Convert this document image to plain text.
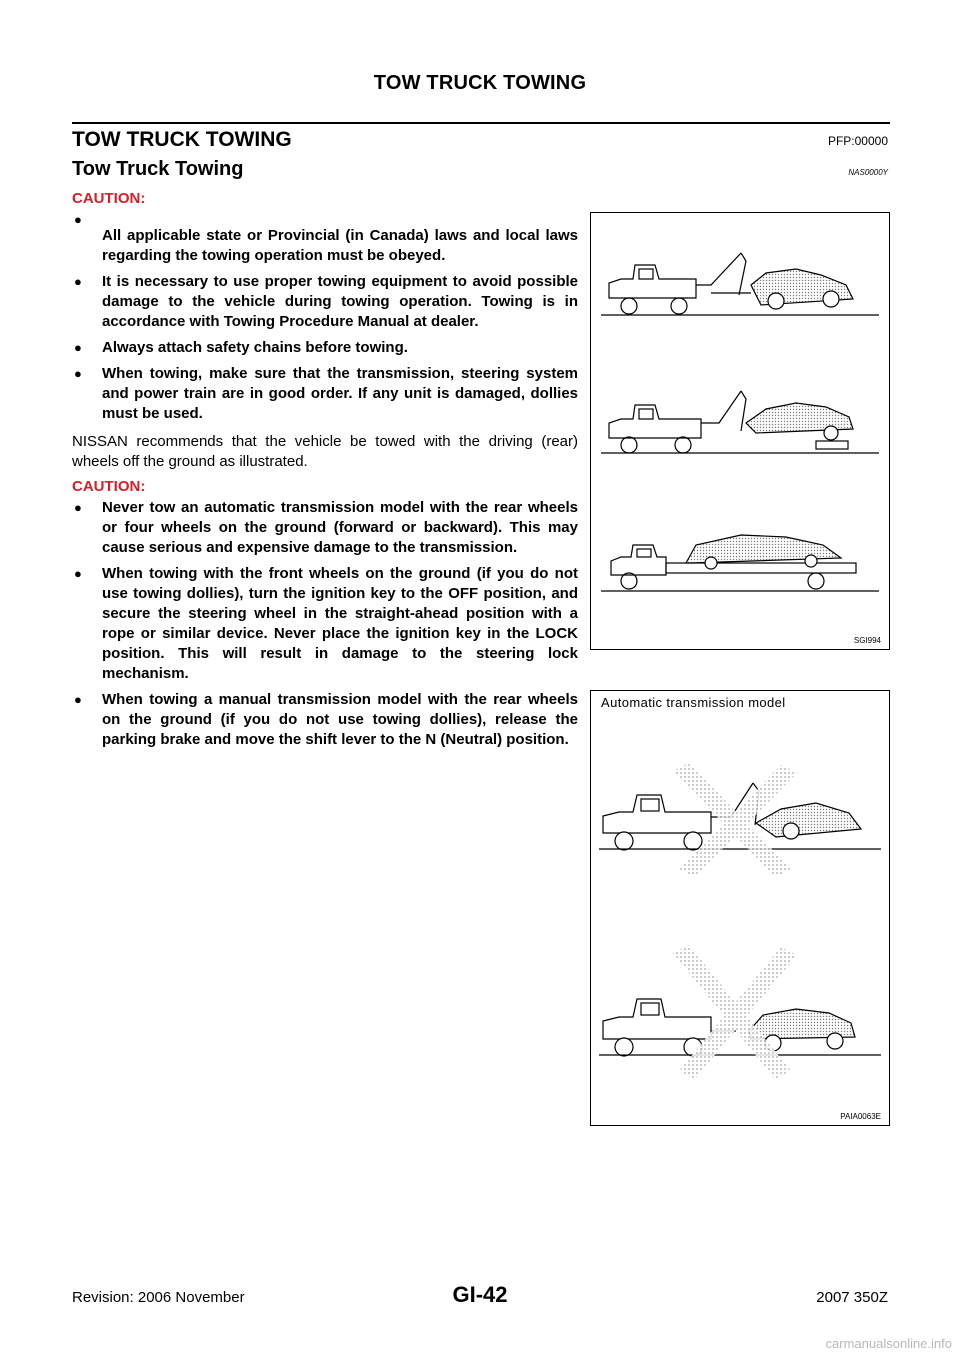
TOW TRUCK TOWING
TOW TRUCK TOWING	PFP:00000
Tow Truck Towing	NAS0000Y
CAUTION:
●
All applicable state or Provincial (in Canada) laws and local laws regarding the towing operation must be obeyed.
● It is necessary to use proper towing equipment to avoid possible damage to the vehicle during towing operation. Towing is in accordance with Towing Procedure Manual at dealer.
● Always attach safety chains before towing.
● When towing, make sure that the transmission, steering system and power train are in good order. If any unit is damaged, dollies must be used.
NISSAN recommends that the vehicle be towed with the driving (rear) wheels off the ground as illustrated.
CAUTION:
● Never tow an automatic transmission model with the rear wheels or four wheels on the ground (forward or backward). This may cause serious and expensive damage to the transmission.
● When towing with the front wheels on the ground (if you do not use towing dollies), turn the ignition key to the OFF position, and secure the steering wheel in the straight-ahead position with a rope or similar device. Never place the ignition key in the LOCK position. This will result in damage to the steering lock mechanism.
● When towing a manual transmission model with the rear wheels on the ground (if you do not use towing dollies), release the parking brake and move the shift lever to the N (Neutral) position.
SGI994
Automatic transmission model
PAIA0063E
Revision: 2006 November	GI-42	2007 350Z
carmanualsonline.info
